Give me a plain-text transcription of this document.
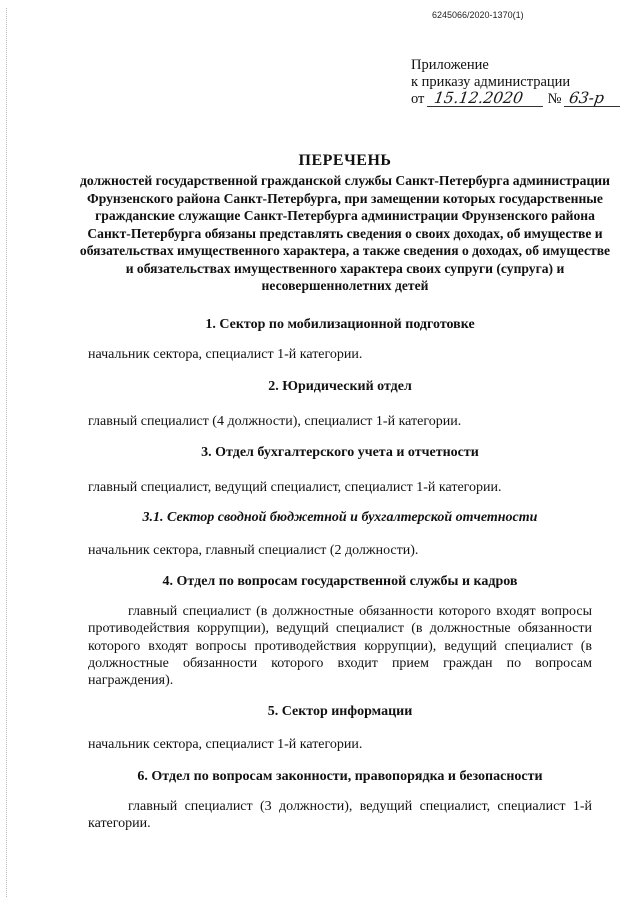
6245066/2020-1370(1)
Приложение
к приказу администрации
от 15.12.2020 № 63-р
ПЕРЕЧЕНЬ
должностей государственной гражданской службы Санкт-Петербурга администрации Фрунзенского района Санкт-Петербурга, при замещении которых государственные гражданские служащие Санкт-Петербурга администрации Фрунзенского района Санкт-Петербурга обязаны представлять сведения о своих доходах, об имуществе и обязательствах имущественного характера, а также сведения о доходах, об имуществе и обязательствах имущественного характера своих супруги (супруга) и несовершеннолетних детей
1. Сектор по мобилизационной подготовке
начальник сектора, специалист 1-й категории.
2. Юридический отдел
главный специалист (4 должности), специалист 1-й категории.
3. Отдел бухгалтерского учета и отчетности
главный специалист, ведущий специалист, специалист 1-й категории.
3.1. Сектор сводной бюджетной и бухгалтерской отчетности
начальник сектора, главный специалист (2 должности).
4. Отдел по вопросам государственной службы и кадров
главный специалист (в должностные обязанности которого входят вопросы противодействия коррупции), ведущий специалист (в должностные обязанности которого входят вопросы противодействия коррупции), ведущий специалист (в должностные обязанности которого входит прием граждан по вопросам награждения).
5. Сектор информации
начальник сектора, специалист 1-й категории.
6. Отдел по вопросам законности, правопорядка и безопасности
главный специалист (3 должности), ведущий специалист, специалист 1-й категории.
